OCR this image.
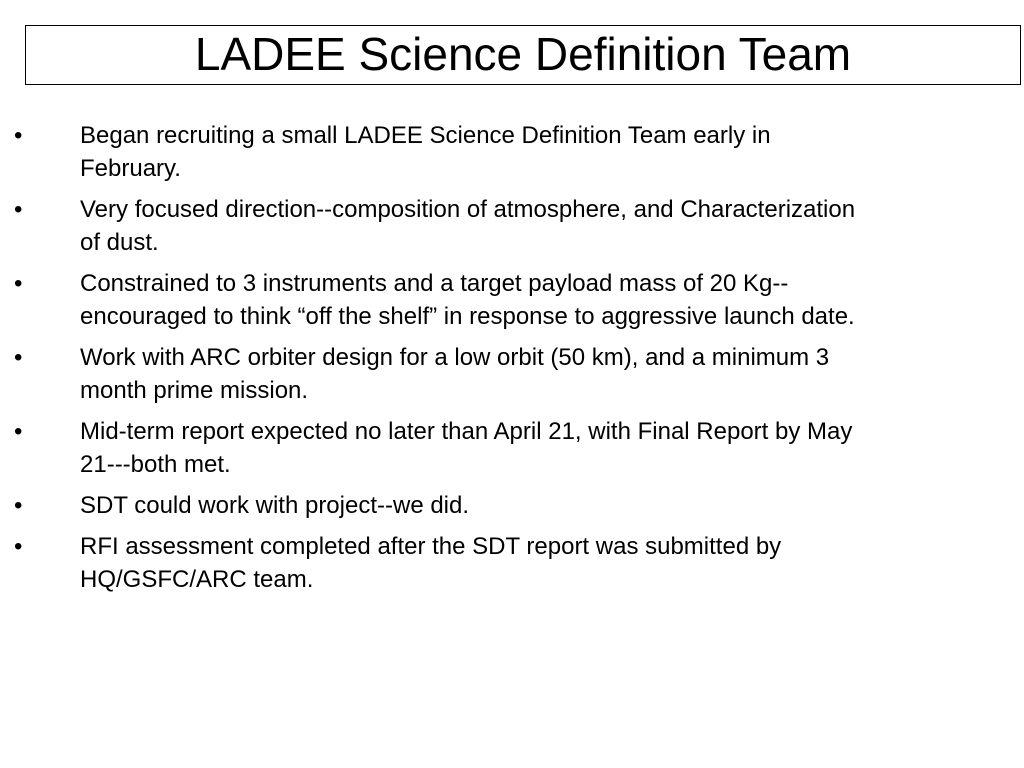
LADEE Science Definition Team
• Began recruiting a small LADEE Science Definition Team early in February.
• Very focused direction--composition of atmosphere, and Characterization of dust.
• Constrained to 3 instruments and a target payload mass of 20 Kg--encouraged to think “off the shelf” in response to aggressive launch date.
• Work with ARC orbiter design for a low orbit (50 km), and a minimum 3 month prime mission.
• Mid-term report expected no later than April 21, with Final Report by May 21---both met.
• SDT could work with project--we did.
• RFI assessment completed after the SDT report was submitted by HQ/GSFC/ARC team.
